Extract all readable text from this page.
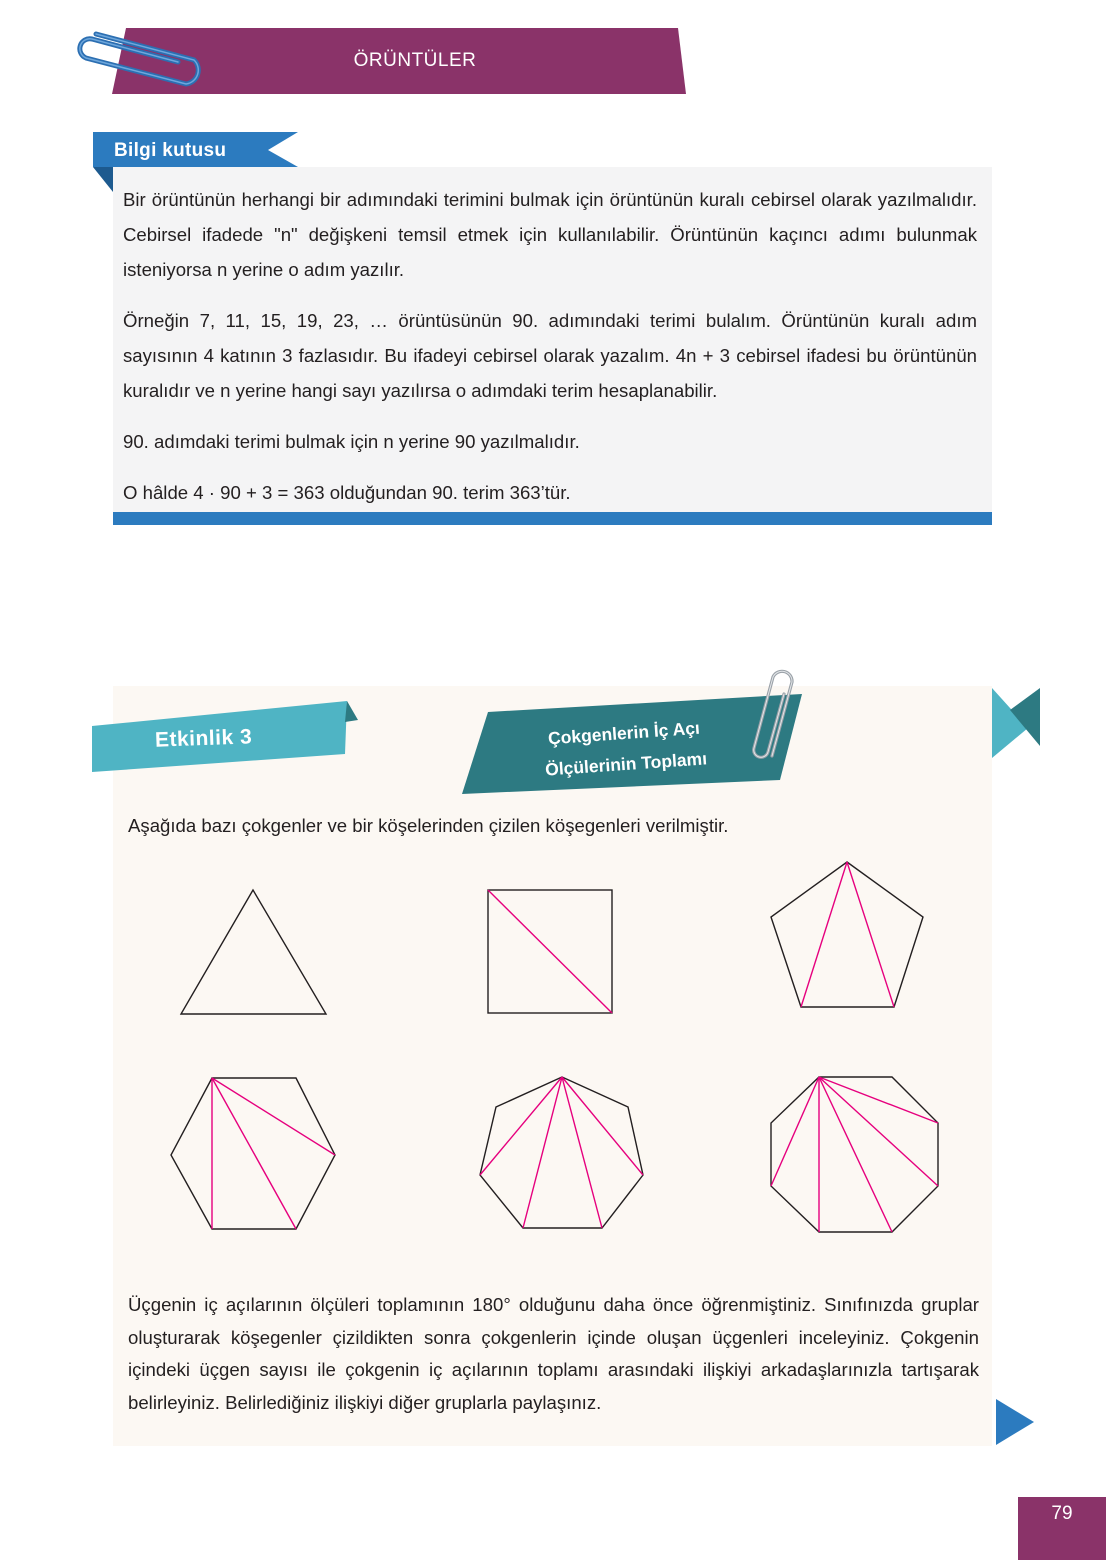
ÖRÜNTÜLER
Bilgi kutusu

Bir örüntünün herhangi bir adımındaki terimini bulmak için örüntünün kuralı cebirsel olarak yazılmalıdır. Cebirsel ifadede "n" değişkeni temsil etmek için kullanılabilir. Örüntünün kaçıncı adımı bulunmak isteniyorsa n yerine o adım yazılır.

Örneğin 7, 11, 15, 19, 23, … örüntüsünün 90. adımındaki terimi bulalım. Örüntünün kuralı adım sayısının 4 katının 3 fazlasıdır. Bu ifadeyi cebirsel olarak yazalım. 4n + 3 cebirsel ifadesi bu örüntünün kuralıdır ve n yerine hangi sayı yazılırsa o adımdaki terim hesaplanabilir.

90. adımdaki terimi bulmak için n yerine 90 yazılmalıdır.

O hâlde 4 · 90 + 3 = 363 olduğundan 90. terim 363’tür.

Etkinlik 3	Çokgenlerin İç Açı
Ölçülerinin Toplamı
Aşağıda bazı çokgenler ve bir köşelerinden çizilen köşegenleri verilmiştir.
Üçgenin iç açılarının ölçüleri toplamının 180° olduğunu daha önce öğrenmiştiniz. Sınıfınızda gruplar oluşturarak köşegenler çizildikten sonra çokgenlerin içinde oluşan üçgenleri inceleyiniz. Çokgenin içindeki üçgen sayısı ile çokgenin iç açılarının toplamı arasındaki ilişkiyi arkadaşlarınızla tartışarak belirleyiniz. Belirlediğiniz ilişkiyi diğer gruplarla paylaşınız.
79
